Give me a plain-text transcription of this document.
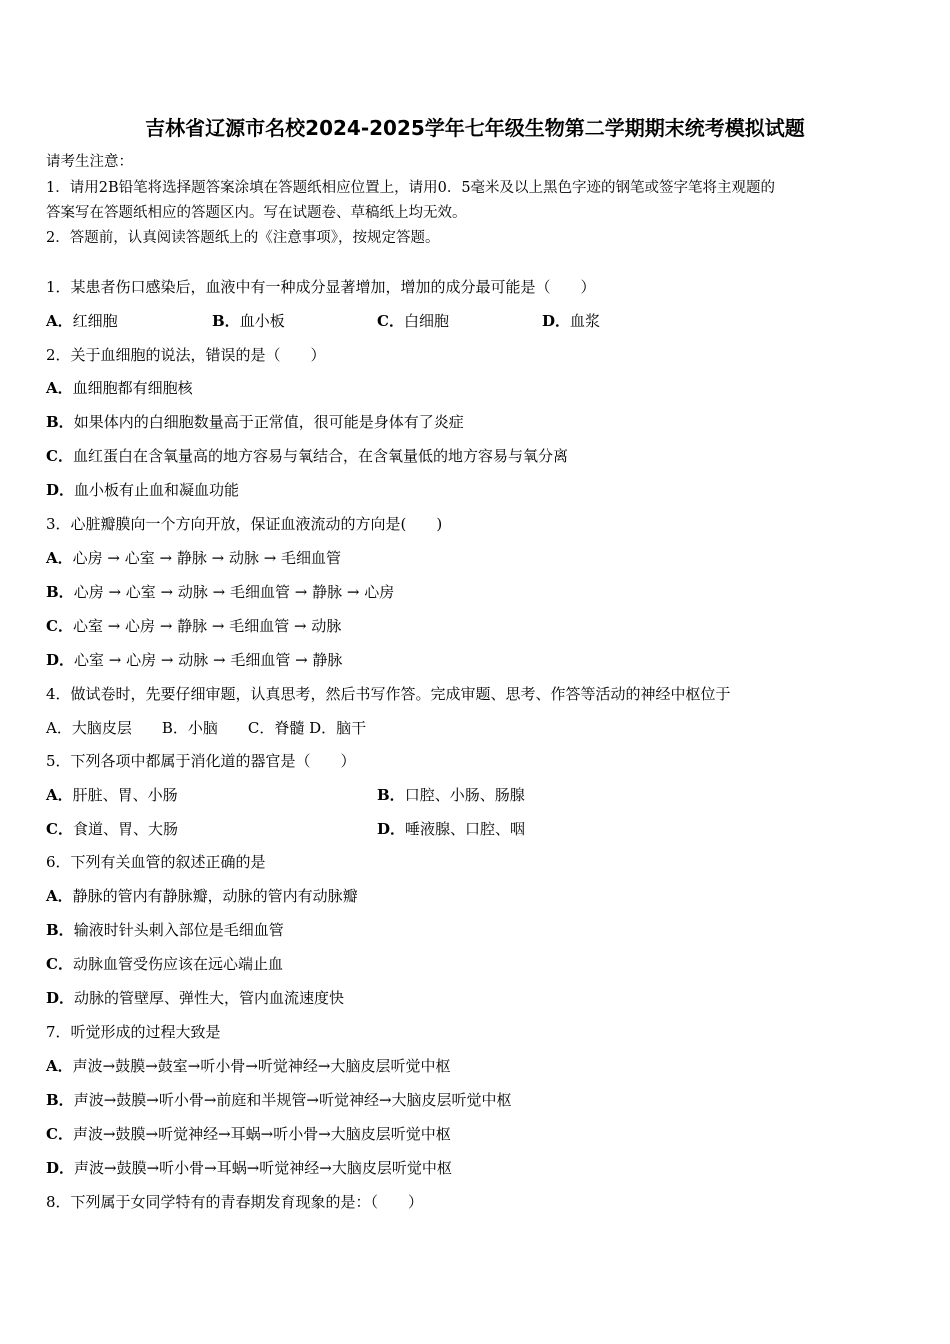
吉林省辽源市名校2024-2025学年七年级生物第二学期期末统考模拟试题
请考生注意：
1．请用2B铅笔将选择题答案涂填在答题纸相应位置上，请用0．5毫米及以上黑色字迹的钢笔或签字笔将主观题的
答案写在答题纸相应的答题区内。写在试题卷、草稿纸上均无效。
2．答题前，认真阅读答题纸上的《注意事项》，按规定答题。
1．某患者伤口感染后，血液中有一种成分显著增加，增加的成分最可能是（　　）
A．红细胞	B．血小板	C．白细胞	D．血浆
2．关于血细胞的说法，错误的是（　　）
A．血细胞都有细胞核
B．如果体内的白细胞数量高于正常值，很可能是身体有了炎症
C．血红蛋白在含氧量高的地方容易与氧结合，在含氧量低的地方容易与氧分离
D．血小板有止血和凝血功能
3．心脏瓣膜向一个方向开放，保证血液流动的方向是(　　)
A．心房 → 心室 → 静脉 → 动脉 → 毛细血管
B．心房 → 心室 → 动脉 → 毛细血管 → 静脉 → 心房
C．心室 → 心房 → 静脉 → 毛细血管 → 动脉
D．心室 → 心房 → 动脉 → 毛细血管 → 静脉
4．做试卷时，先要仔细审题，认真思考，然后书写作答。完成审题、思考、作答等活动的神经中枢位于
A．大脑皮层　　B．小脑　　C．脊髓 D．脑干
5．下列各项中都属于消化道的器官是（　　）
A．肝脏、胃、小肠	B．口腔、小肠、肠腺
C．食道、胃、大肠	D．唾液腺、口腔、咽
6．下列有关血管的叙述正确的是
A．静脉的管内有静脉瓣，动脉的管内有动脉瓣
B．输液时针头刺入部位是毛细血管
C．动脉血管受伤应该在远心端止血
D．动脉的管壁厚、弹性大，管内血流速度快
7．听觉形成的过程大致是
A．声波→鼓膜→鼓室→听小骨→听觉神经→大脑皮层听觉中枢
B．声波→鼓膜→听小骨→前庭和半规管→听觉神经→大脑皮层听觉中枢
C．声波→鼓膜→听觉神经→耳蜗→听小骨→大脑皮层听觉中枢
D．声波→鼓膜→听小骨→耳蜗→听觉神经→大脑皮层听觉中枢
8．下列属于女同学特有的青春期发育现象的是：（　　）
